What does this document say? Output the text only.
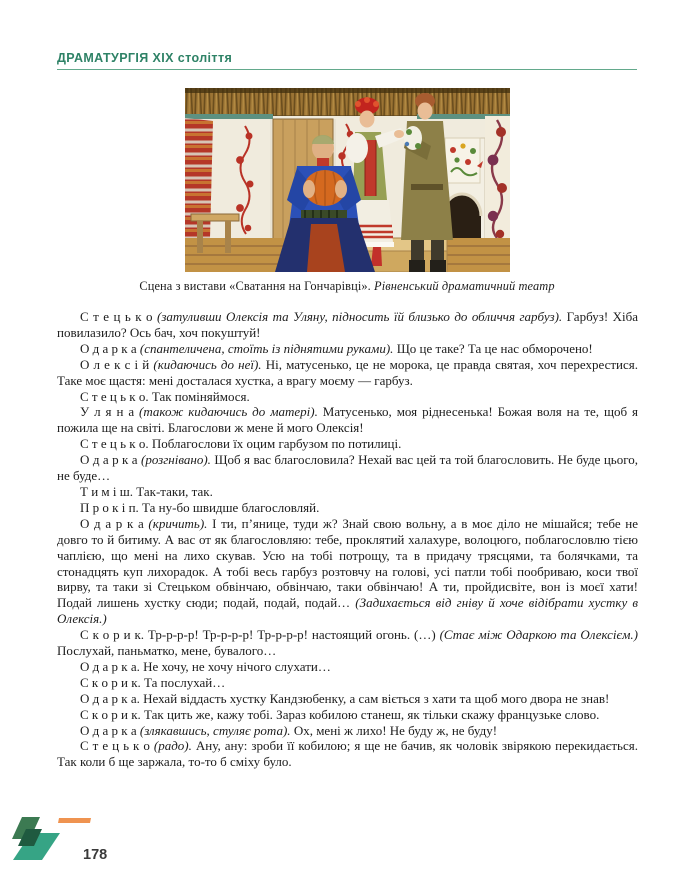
ДРАМАТУРГІЯ XIX століття
Сцена з вистави «Сватання на Гончарівці». Рівненський драматичний театр

С т е ц ь к о (затуливши Олексія та Уляну, підносить їй близько до обличчя гарбуз). Гарбуз! Хіба повилазило? Ось бач, хоч покуштуй!

О д а р к а (спантеличена, стоїть із піднятими руками). Що це таке? Та це нас обморочено!

О л е к с і й (кидаючись до неї). Ні, матусенько, це не морока, це правда святая, хоч перехрестися. Таке моє щастя: мені досталася хустка, а врагу моєму — гарбуз.

С т е ц ь к о. Так поміняймося.

У л я н а (також кидаючись до матері). Матусенько, моя ріднесенька! Божая воля на те, щоб я пожила ще на світі. Благослови ж мене й мого Олексія!

С т е ц ь к о. Поблагослови їх оцим гарбузом по потилиці.

О д а р к а (розгнівано). Щоб я вас благословила? Нехай вас цей та той благословить. Не буде цього, не буде…

Т и м і ш. Так-таки, так.

П р о к і п. Та ну-бо швидше благословляй.

О д а р к а (кричить). І ти, п’янице, туди ж? Знай свою вольну, а в моє діло не мішайся; тебе не довго то й битиму. А вас от як благословляю: тебе, проклятий халахуре, волоцюго, поблагословлю тією чаплією, що мені на лихо скував. Усю на тобі потрощу, та в придачу трясцями, та болячками, та стонадцять куп лихорадок. А тобі весь гарбуз розтовчу на голові, усі патли тобі пообриваю, коси твої вирву, та таки зі Стецьком обвінчаю, обвінчаю, таки обвінчаю! А ти, пройдисвіте, вон із моєї хати! Подай лишень хустку сюди; подай, подай, подай… (Задихається від гніву й хоче відібрати хустку в Олексія.)

С к о р и к. Тр-р-р-р! Тр-р-р-р! Тр-р-р-р! настоящий огонь. (…) (Стає між Одаркою та Олексієм.) Послухай, паньматко, мене, бувалого…

О д а р к а. Не хочу, не хочу нічого слухати…

С к о р и к. Та послухай…

О д а р к а. Нехай віддасть хустку Кандзюбенку, а сам віється з хати та щоб мого двора не знав!

С к о р и к. Так цить же, кажу тобі. Зараз кобилою станеш, як тільки скажу французьке слово.

О д а р к а (злякавшись, стуляє рота). Ох, мені ж лихо! Не буду ж, не буду!

С т е ц ь к о (радо). Ану, ану: зроби її кобилою; я ще не бачив, як чоловік звірякою перекидається. Так коли б ще заржала, то-то б сміху було.

178
